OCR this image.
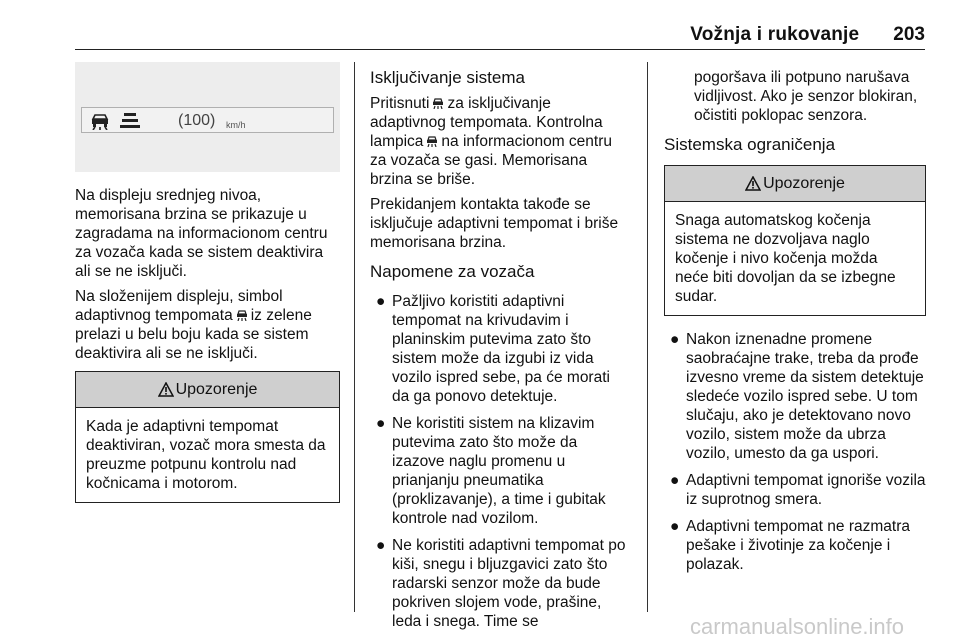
Vožnja i rukovanje 203
(100) km/h

Na displeju srednjeg nivoa, memorisana brzina se prikazuje u zagradama na informacionom centru za vozača kada se sistem deaktivira ali se ne isključi.

Na složenijem displeju, simbol adaptivnog tempomata iz zelene prelazi u belu boju kada se sistem deaktivira ali se ne isključi.

Upozorenje
Kada je adaptivni tempomat deaktiviran, vozač mora smesta da preuzme potpunu kontrolu nad kočnicama i motorom.
Isključivanje sistema

Pritisnuti za isključivanje adaptivnog tempomata. Kontrolna lampica na informacionom centru za vozača se gasi. Memorisana brzina se briše.

Prekidanjem kontakta takođe se isključuje adaptivni tempomat i briše memorisana brzina.

Napomene za vozača
● Pažljivo koristiti adaptivni tempomat na krivudavim i planinskim putevima zato što sistem može da izgubi iz vida vozilo ispred sebe, pa će morati da ga ponovo detektuje.
● Ne koristiti sistem na klizavim putevima zato što može da izazove naglu promenu u prianjanju pneumatika (proklizavanje), a time i gubitak kontrole nad vozilom.
● Ne koristiti adaptivni tempomat po kiši, snegu i bljuzgavici zato što radarski senzor može da bude pokriven slojem vode, prašine, leda i snega. Time se

pogoršava ili potpuno narušava vidljivost. Ako je senzor blokiran, očistiti poklopac senzora.

Sistemska ograničenja
Upozorenje
Snaga automatskog kočenja sistema ne dozvoljava naglo kočenje i nivo kočenja možda neće biti dovoljan da se izbegne sudar.
● Nakon iznenadne promene saobraćajne trake, treba da prođe izvesno vreme da sistem detektuje sledeće vozilo ispred sebe. U tom slučaju, ako je detektovano novo vozilo, sistem može da ubrza vozilo, umesto da ga uspori.
● Adaptivni tempomat ignoriše vozila iz suprotnog smera.
● Adaptivni tempomat ne razmatra pešake i životinje za kočenje i polazak.
carmanualsonline.info
